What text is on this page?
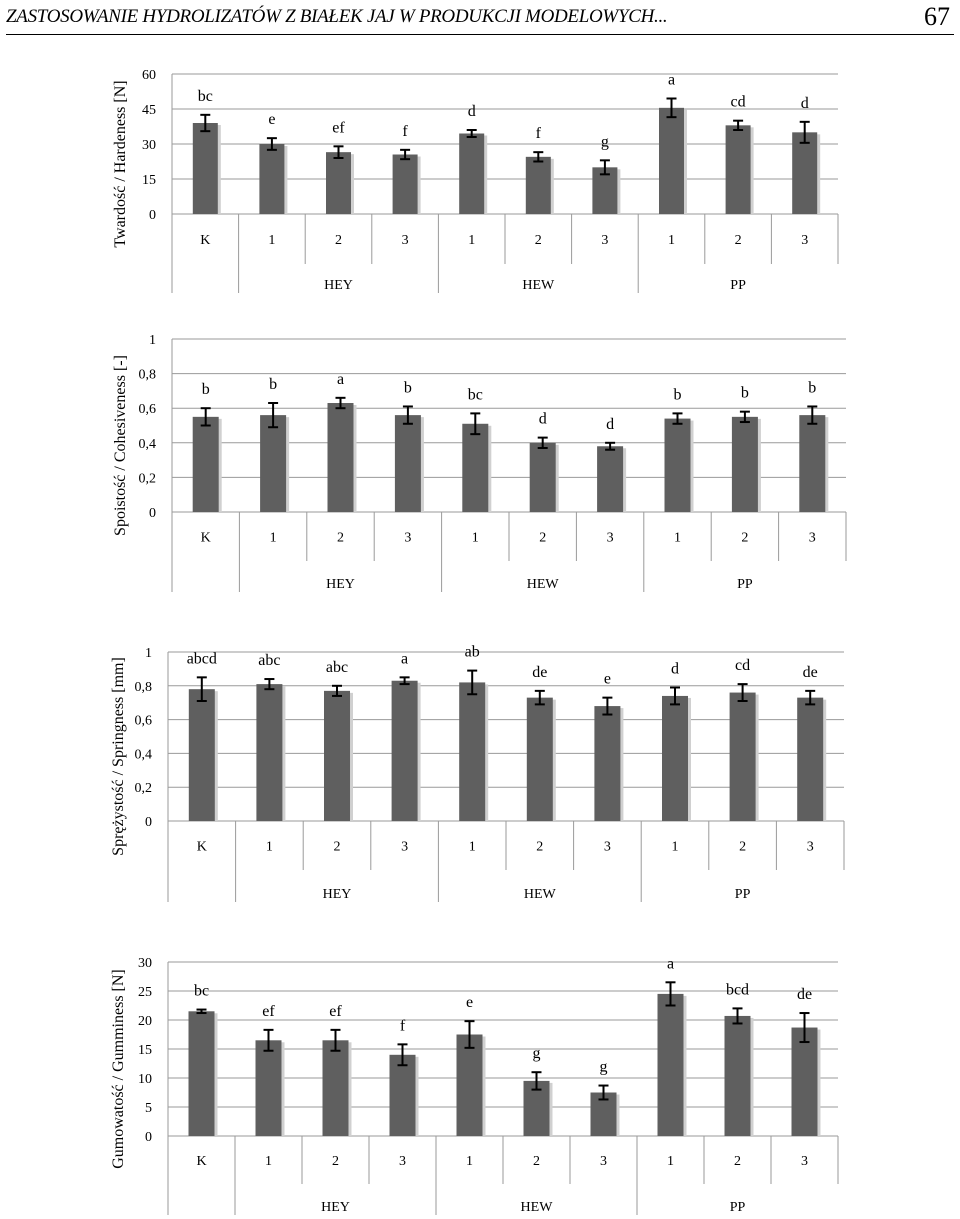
ZASTOSOWANIE HYDROLIZATÓW Z BIAŁEK JAJ W PRODUKCJI MODELOWYCH...	67
0
15
30
45
60
Twardość / Hardeness [N]	bc
e	ef	f
d
f	g
a
cd	d
K	1	2	3	1	2	3	1	2	3
HEY	HEW	PP
0
0,2
0,4
0,6
0,8
1
Spoistość / Cohesiveness [-]	b	b	a
b	bc
d	d
b	b	b
K	1	2	3	1	2	3	1	2	3
HEY	HEW	PP
0
0,2
0,4
0,6
0,8
1
Sprężystość / Springness [mm]	abcd	abc	abc	a	ab
de	e
d	cd	de
K	1	2	3	1	2	3	1	2	3
HEY	HEW	PP
0
5
10
15
20
25
30
Gumowatość / Gumminess [N]	bc
ef	ef
f
e
g
g
a
bcd	de
K	1	2	3	1	2	3	1	2	3
HEY	HEW	PP
